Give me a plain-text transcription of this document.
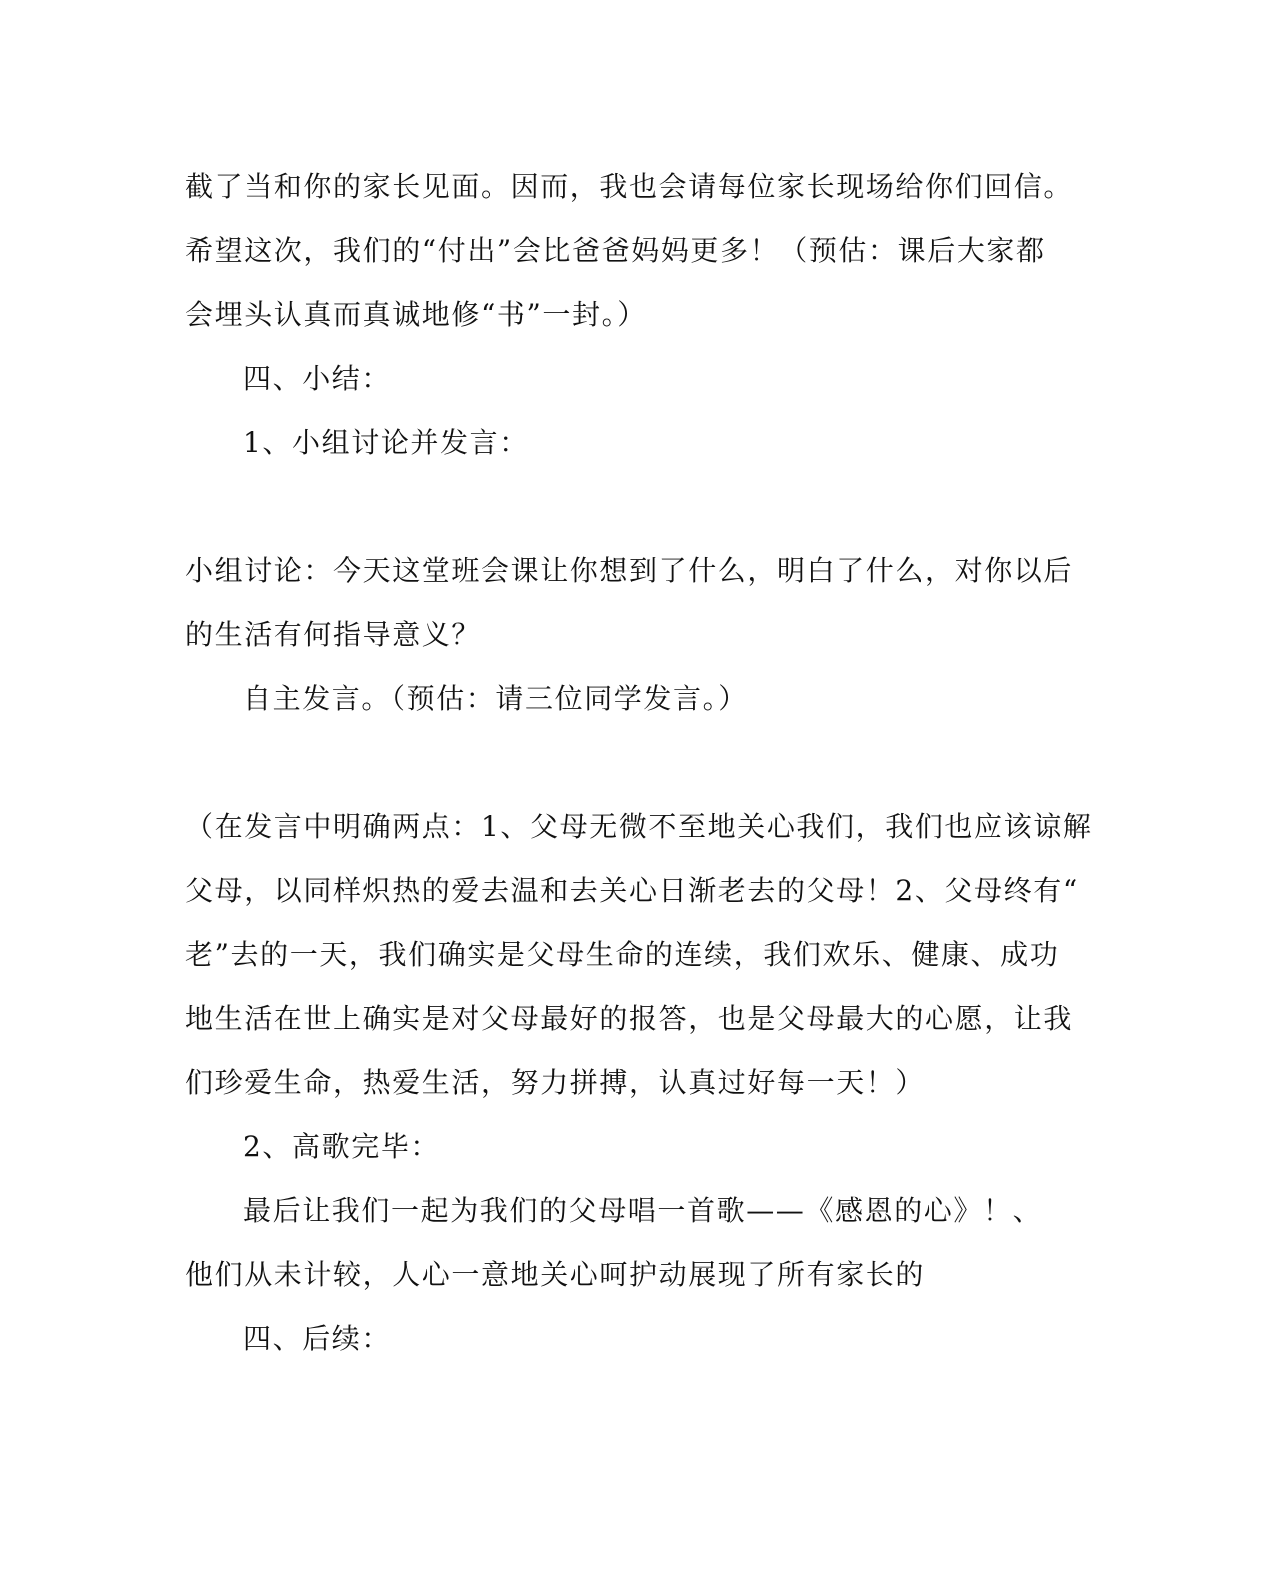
截了当和你的家长见面。因而，我也会请每位家长现场给你们回信。

希望这次，我们的“付出”会比爸爸妈妈更多！（预估：课后大家都

会埋头认真而真诚地修“书”一封。）

四、小结：

1、小组讨论并发言：

小组讨论：今天这堂班会课让你想到了什么，明白了什么，对你以后

的生活有何指导意义？

自主发言。（预估：请三位同学发言。）

（在发言中明确两点：1、父母无微不至地关心我们，我们也应该谅解

父母，以同样炽热的爱去温和去关心日渐老去的父母！2、父母终有“

老”去的一天，我们确实是父母生命的连续，我们欢乐、健康、成功

地生活在世上确实是对父母最好的报答，也是父母最大的心愿，让我

们珍爱生命，热爱生活，努力拼搏，认真过好每一天！）

2、高歌完毕：

最后让我们一起为我们的父母唱一首歌——《感恩的心》！、

他们从未计较，人心一意地关心呵护动展现了所有家长的

四、后续：
